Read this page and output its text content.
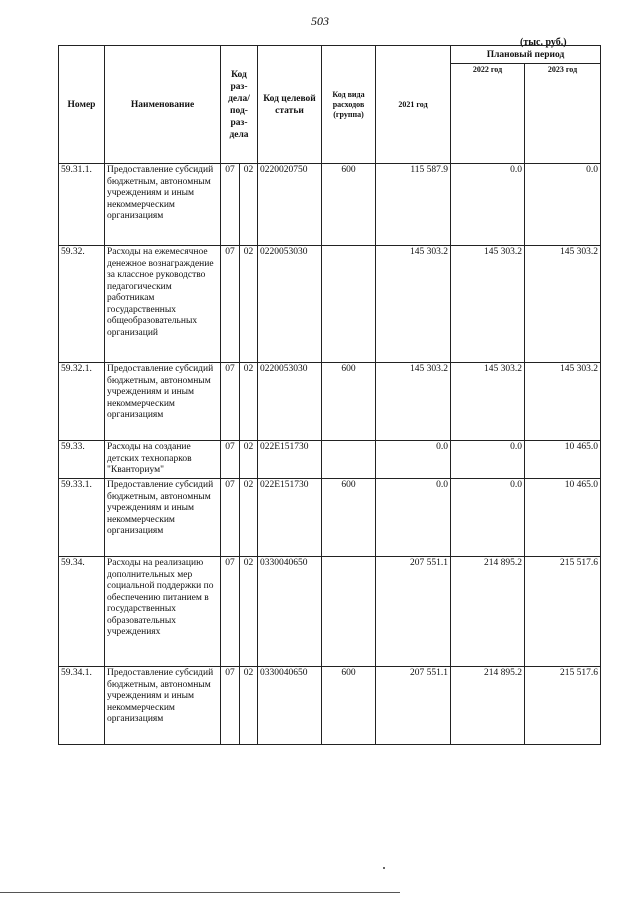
503
(тыс. руб.)
Номер	Наименование	Код раз- дела/ под- раз- дела		Код целевой статьи	Код вида расходов (группа)	2021 год	Плановый период	
							2022 год	2023 год
59.31.1.	Предоставление субсидий бюджетным, автономным учреждениям и иным некоммерческим организациям	07	02	0220020750	600	115 587.9	0.0	0.0
59.32.	Расходы на ежемесячное денежное вознаграждение за классное руководство педагогическим работникам государственных общеобразовательных организаций	07	02	0220053030		145 303.2	145 303.2	145 303.2
59.32.1.	Предоставление субсидий бюджетным, автономным учреждениям и иным некоммерческим организациям	07	02	0220053030	600	145 303.2	145 303.2	145 303.2
59.33.	Расходы на создание детских технопарков "Кванториум"	07	02	022E151730		0.0	0.0	10 465.0
59.33.1.	Предоставление субсидий бюджетным, автономным учреждениям и иным некоммерческим организациям	07	02	022E151730	600	0.0	0.0	10 465.0
59.34.	Расходы на реализацию дополнительных мер социальной поддержки по обеспечению питанием в государственных образовательных учреждениях	07	02	0330040650		207 551.1	214 895.2	215 517.6
59.34.1.	Предоставление субсидий бюджетным, автономным учреждениям и иным некоммерческим организациям	07	02	0330040650	600	207 551.1	214 895.2	215 517.6
